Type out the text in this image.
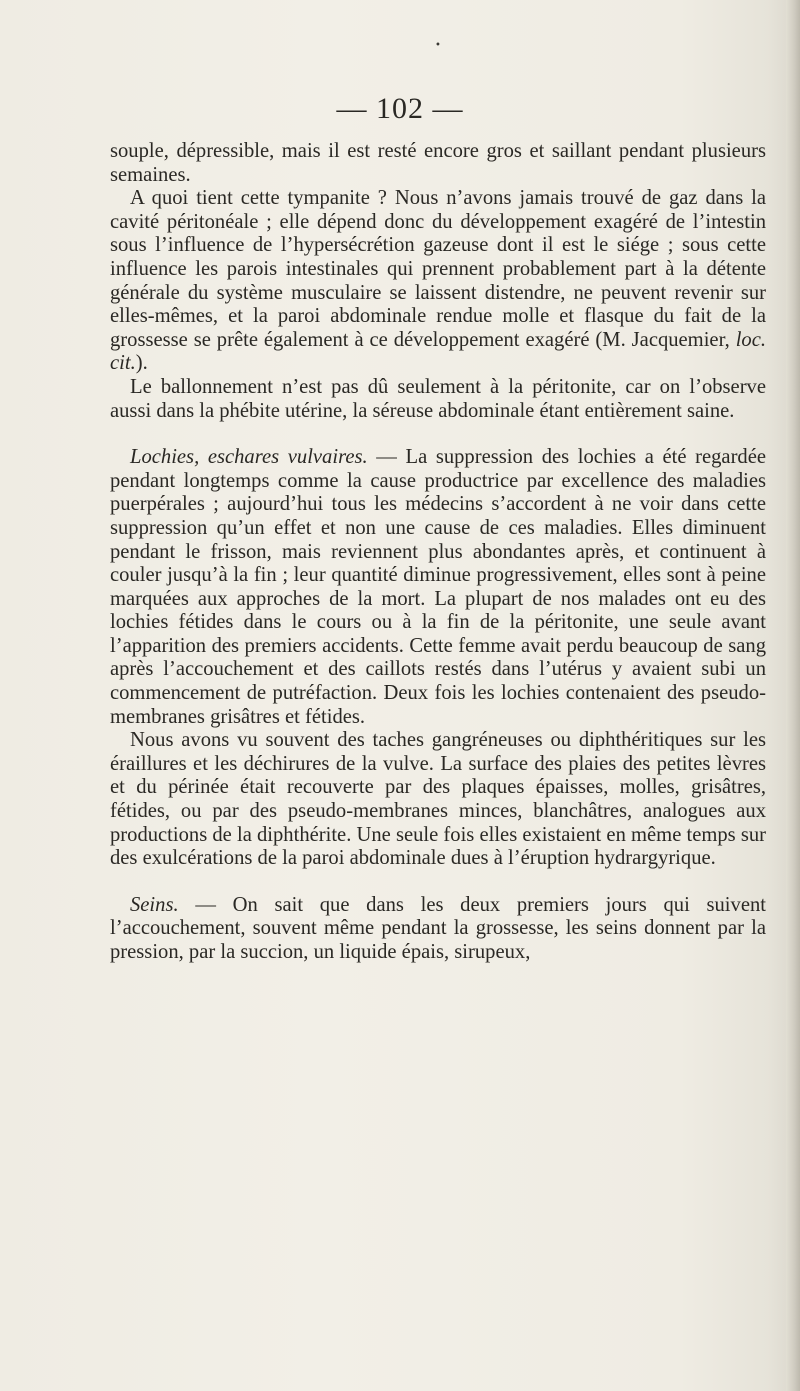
•
— 102 —

souple, dépressible, mais il est resté encore gros et saillant pendant plusieurs semaines.

A quoi tient cette tympanite ? Nous n’avons jamais trouvé de gaz dans la cavité péritonéale ; elle dépend donc du développement exagéré de l’intestin sous l’influence de l’hypersécrétion gazeuse dont il est le siége ; sous cette influence les parois intestinales qui prennent probablement part à la détente générale du système musculaire se laissent distendre, ne peuvent revenir sur elles-mêmes, et la paroi abdominale rendue molle et flasque du fait de la grossesse se prête également à ce développement exagéré (M. Jacquemier, loc. cit.).

Le ballonnement n’est pas dû seulement à la péritonite, car on l’observe aussi dans la phébite utérine, la séreuse abdominale étant entièrement saine.

Lochies, eschares vulvaires. — La suppression des lochies a été regardée pendant longtemps comme la cause productrice par excellence des maladies puerpérales ; aujourd’hui tous les médecins s’accordent à ne voir dans cette suppression qu’un effet et non une cause de ces maladies. Elles diminuent pendant le frisson, mais reviennent plus abondantes après, et continuent à couler jusqu’à la fin ; leur quantité diminue progressivement, elles sont à peine marquées aux approches de la mort. La plupart de nos malades ont eu des lochies fétides dans le cours ou à la fin de la péritonite, une seule avant l’apparition des premiers accidents. Cette femme avait perdu beaucoup de sang après l’accouchement et des caillots restés dans l’utérus y avaient subi un commencement de putréfaction. Deux fois les lochies contenaient des pseudo-membranes grisâtres et fétides.

Nous avons vu souvent des taches gangréneuses ou diphthéritiques sur les éraillures et les déchirures de la vulve. La surface des plaies des petites lèvres et du périnée était recouverte par des plaques épaisses, molles, grisâtres, fétides, ou par des pseudo-membranes minces, blanchâtres, analogues aux productions de la diphthérite. Une seule fois elles existaient en même temps sur des exulcérations de la paroi abdominale dues à l’éruption hydrargyrique.

Seins. — On sait que dans les deux premiers jours qui suivent l’accouchement, souvent même pendant la grossesse, les seins donnent par la pression, par la succion, un liquide épais, sirupeux,
